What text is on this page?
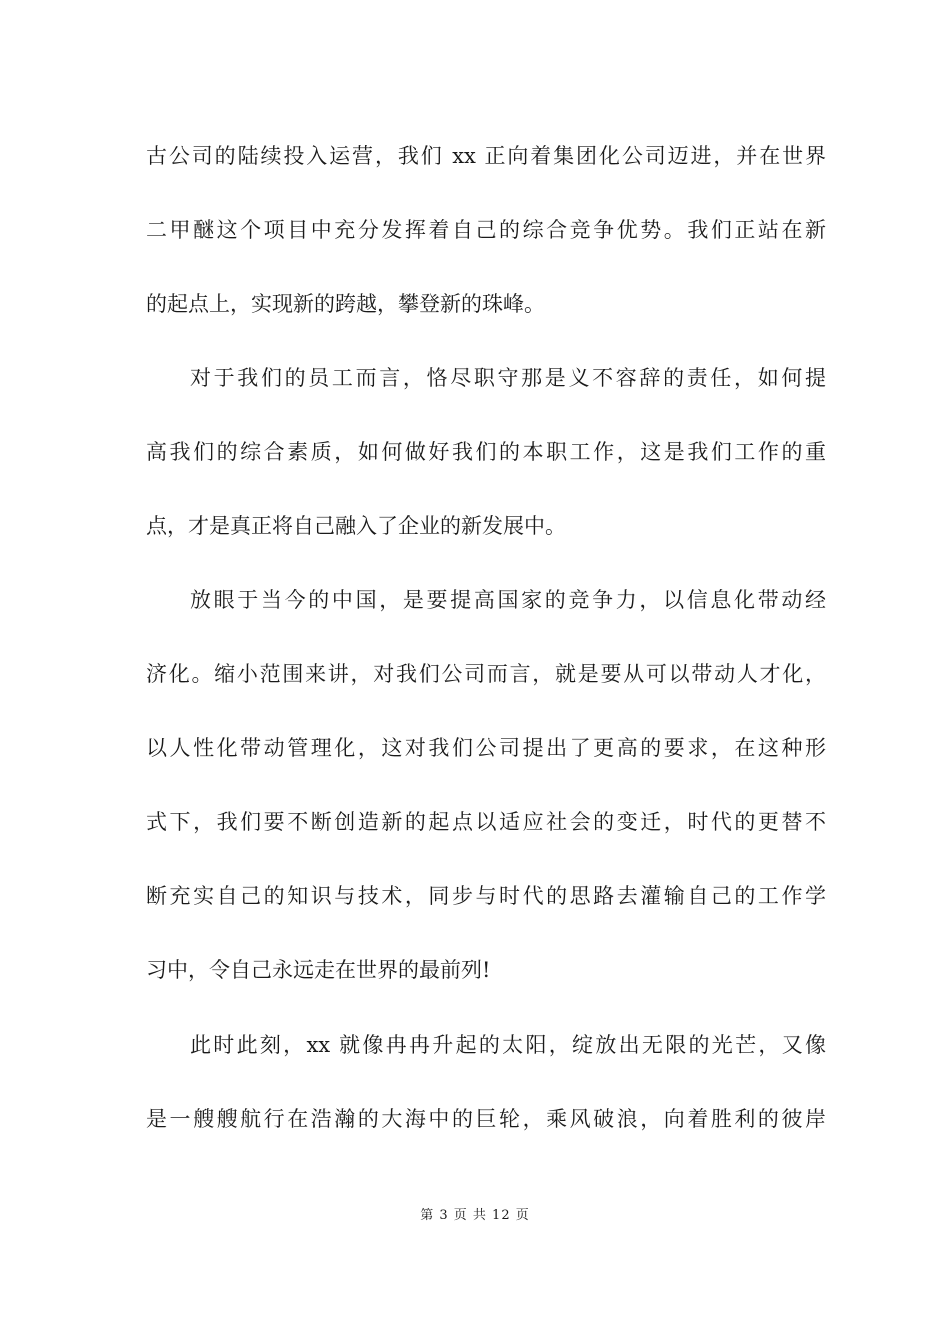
古公司的陆续投入运营，我们 xx 正向着集团化公司迈进，并在世界
二甲醚这个项目中充分发挥着自己的综合竞争优势。我们正站在新
的起点上，实现新的跨越，攀登新的珠峰。
对于我们的员工而言，恪尽职守那是义不容辞的责任，如何提
高我们的综合素质，如何做好我们的本职工作，这是我们工作的重
点，才是真正将自己融入了企业的新发展中。
放眼于当今的中国，是要提高国家的竞争力，以信息化带动经
济化。缩小范围来讲，对我们公司而言，就是要从可以带动人才化，
以人性化带动管理化，这对我们公司提出了更高的要求，在这种形
式下，我们要不断创造新的起点以适应社会的变迁，时代的更替不
断充实自己的知识与技术，同步与时代的思路去灌输自己的工作学
习中，令自己永远走在世界的最前列!
此时此刻，xx 就像冉冉升起的太阳，绽放出无限的光芒，又像
是一艘艘航行在浩瀚的大海中的巨轮，乘风破浪，向着胜利的彼岸
第 3 页 共 12 页
